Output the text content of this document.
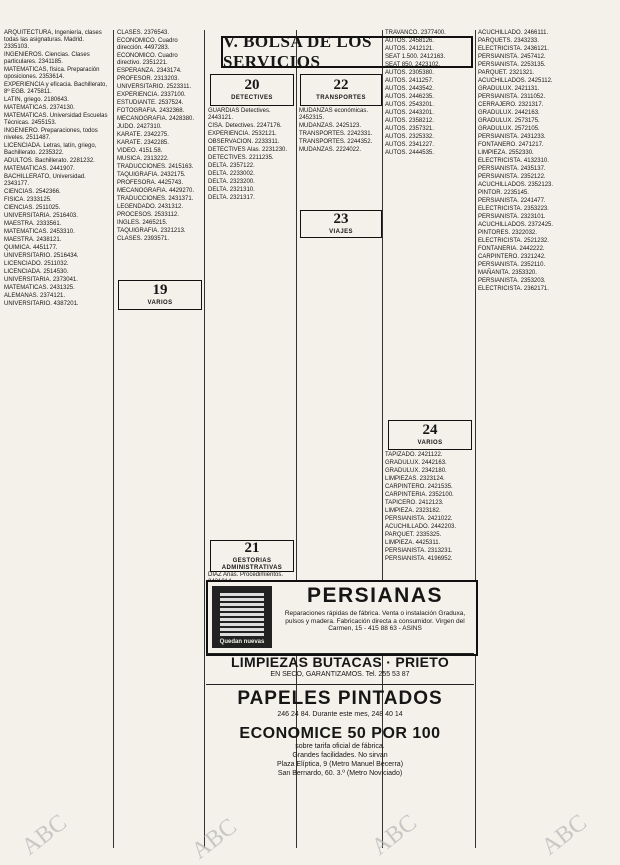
ARQUITECTURA, Ingeniería, clases todas las asignaturas. Madrid. 2335103.

INGENIEROS. Ciencias. Clases particulares. 2341185.

MATEMATICAS, física. Preparación oposiciones. 2353614.

EXPERIENCIA y eficacia. Bachillerato, 8º EGB. 2475811.

LATIN, griego. 2180643.

MATEMATICAS. 2374130.

MATEMATICAS. Universidad Escuelas Técnicas. 2455153.

INGENIERO. Preparaciones, todos niveles. 2511487.

LICENCIADA. Letras, latín, griego, Bachillerato. 2235322.

ADULTOS. Bachillerato. 2281232.

MATEMATICAS. 2441907.

BACHILLERATO, Universidad. 2343177.

CIENCIAS. 2542366.

FISICA. 2333125.

CIENCIAS. 2511025.

UNIVERSITARIA. 2516403.

MAESTRA. 2333561.

MATEMATICAS. 2453310.

MAESTRA. 2438121.

QUIMICA. 4451177.

UNIVERSITARIO. 2516434.

LICENCIADO. 2511032.

LICENCIADA. 2514530.

UNIVERSITARIA. 2373041.

MATEMATICAS. 2431325.

ALEMANAS. 2374121.

UNIVERSITARIO. 4387201.

CLASES. 2376543.

ECONOMICO. Cuadro dirección. 4497283.

ECONOMICO. Cuadro directivo. 2351221.

ESPERANZA. 2343174.

PROFESOR. 2313203.

UNIVERSITARIO. 2523311.

EXPERIENCIA. 2337100.

ESTUDIANTE. 2537524.

FOTOGRAFIA. 2432368.

MECANOGRAFIA. 2428380.

JUDO. 2427310.

KARATE. 2342275.

KARATE. 2342285.

VIDEO. 4151.58.

MUSICA. 2313222.

TRADUCCIONES. 2415163.

TAQUIGRAFIA. 2432175.

PROFESORA. 4425743.

MECANOGRAFIA. 4429270.

TRADUCCIONES. 2431371.

LEGENDADO. 2431312.

PROCESOS. 2533112.

INGLES. 2465215.

TAQUIGRAFIA. 2321213.

CLASES. 2393571.

V. BOLSA DE LOS SERVICIOS
20
DETECTIVES

GUARDIAS Detectives. 2443121.

CISA. Detectives. 2247176.

EXPERIENCIA. 2532121.

OBSERVACION. 2233311.

DETECTIVES Alas. 2231230.

DETECTIVES. 2211235.

DELTA. 2357122.

DELTA. 2233002.

DELTA. 2323200.

DELTA. 2321310.

DELTA. 2321317.

22
TRANSPORTES

MUDANZAS económicas. 2452315.

MUDANZAS. 2425123.

TRANSPORTES. 2242331.

TRANSPORTES. 2244352.

MUDANZAS. 2224022.

23
VIAJES
19
VARIOS
21
GESTORIAS ADMINISTRATIVAS

DIAZ Arias. Procedimientos.

TRAVANCO. 2377400.

AUTOS. 2458126.

AUTOS. 2412121.

SEAT 1.500. 2412163.

SEAT 850. 2423102.

AUTOS. 2305380.

AUTOS. 2411257.

AUTOS. 2443542.

AUTOS. 2446235.

AUTOS. 2543201.

AUTOS. 2443201.

AUTOS. 2358212.

AUTOS. 2357321.

AUTOS. 2325332.

AUTOS. 2341227.

AUTOS. 2444535.

24
VARIOS

TAPIZADO. 2421122.

GRADULUX. 2442163.

GRADULUX. 2342180.

LIMPIEZAS. 2323124.

CARPINTERO. 2421535.

CARPINTERIA. 2352100.

TAPICERO. 2412123.

LIMPIEZA. 2323182.

PERSIANISTA. 2421022.

ACUCHILLADO. 2442203.

PARQUET. 2335325.

LIMPIEZA. 4425311.

PERSIANISTA. 2313231.

PERSIANISTA. 4196952.

ACUCHILLADO. 2466111.

PARQUETS. 2343233.

ELECTRICISTA. 2436121.

PERSIANISTA. 2457412.

PERSIANISTA. 2253135.

PARQUET. 2321321.

ACUCHILLADOS. 2425112.

GRADULUX. 2421131.

PERSIANISTA. 2311052.

CERRAJERO. 2321317.

GRADULUX. 2442163.

GRADULUX. 2573175.

GRADULUX. 2572105.

PERSIANISTA. 2431233.

FONTANERO. 2471217.

LIMPIEZA. 2552330.

ELECTRICISTA. 4132310.

PERSIANISTA. 2435137.

PERSIANISTA. 2352122.

ACUCHILLADOS. 2352123.

PINTOR. 2235145.

PERSIANISTA. 2241477.

ELECTRICISTA. 2353223.

PERSIANISTA. 2323101.

ACUCHILLADOS. 2372425.

PINTORES. 2322032.

ELECTRICISTA. 2521232.

FONTANERIA. 2442222.

CARPINTERO. 2321242.

PERSIANISTA. 2352110.

MAÑANITA. 2353320.

PERSIANISTA. 2353203.

ELECTRICISTA. 2362171.

Quedan nuevas
PERSIANAS
Reparaciones rápidas de fábrica. Venta o instalación Graduxa, pulsos y madera. Fabricación directa a consumidor. Virgen del Carmen, 15 - 415 88 63 - ASINS
LIMPIEZAS BUTACAS · PRIETO
EN SECO, GARANTIZAMOS. Tel. 255 53 87
PAPELES PINTADOS
246 24 84. Durante este mes, 248 40 14
ECONOMICE 50 POR 100
sobre tarifa oficial de fábrica.
Grandes facilidades. No sirvan
Plaza Elíptica, 9 (Metro Manuel Becerra)
San Bernardo, 60. 3.º (Metro Noviciado)
ABC	ABC	ABC	ABC
